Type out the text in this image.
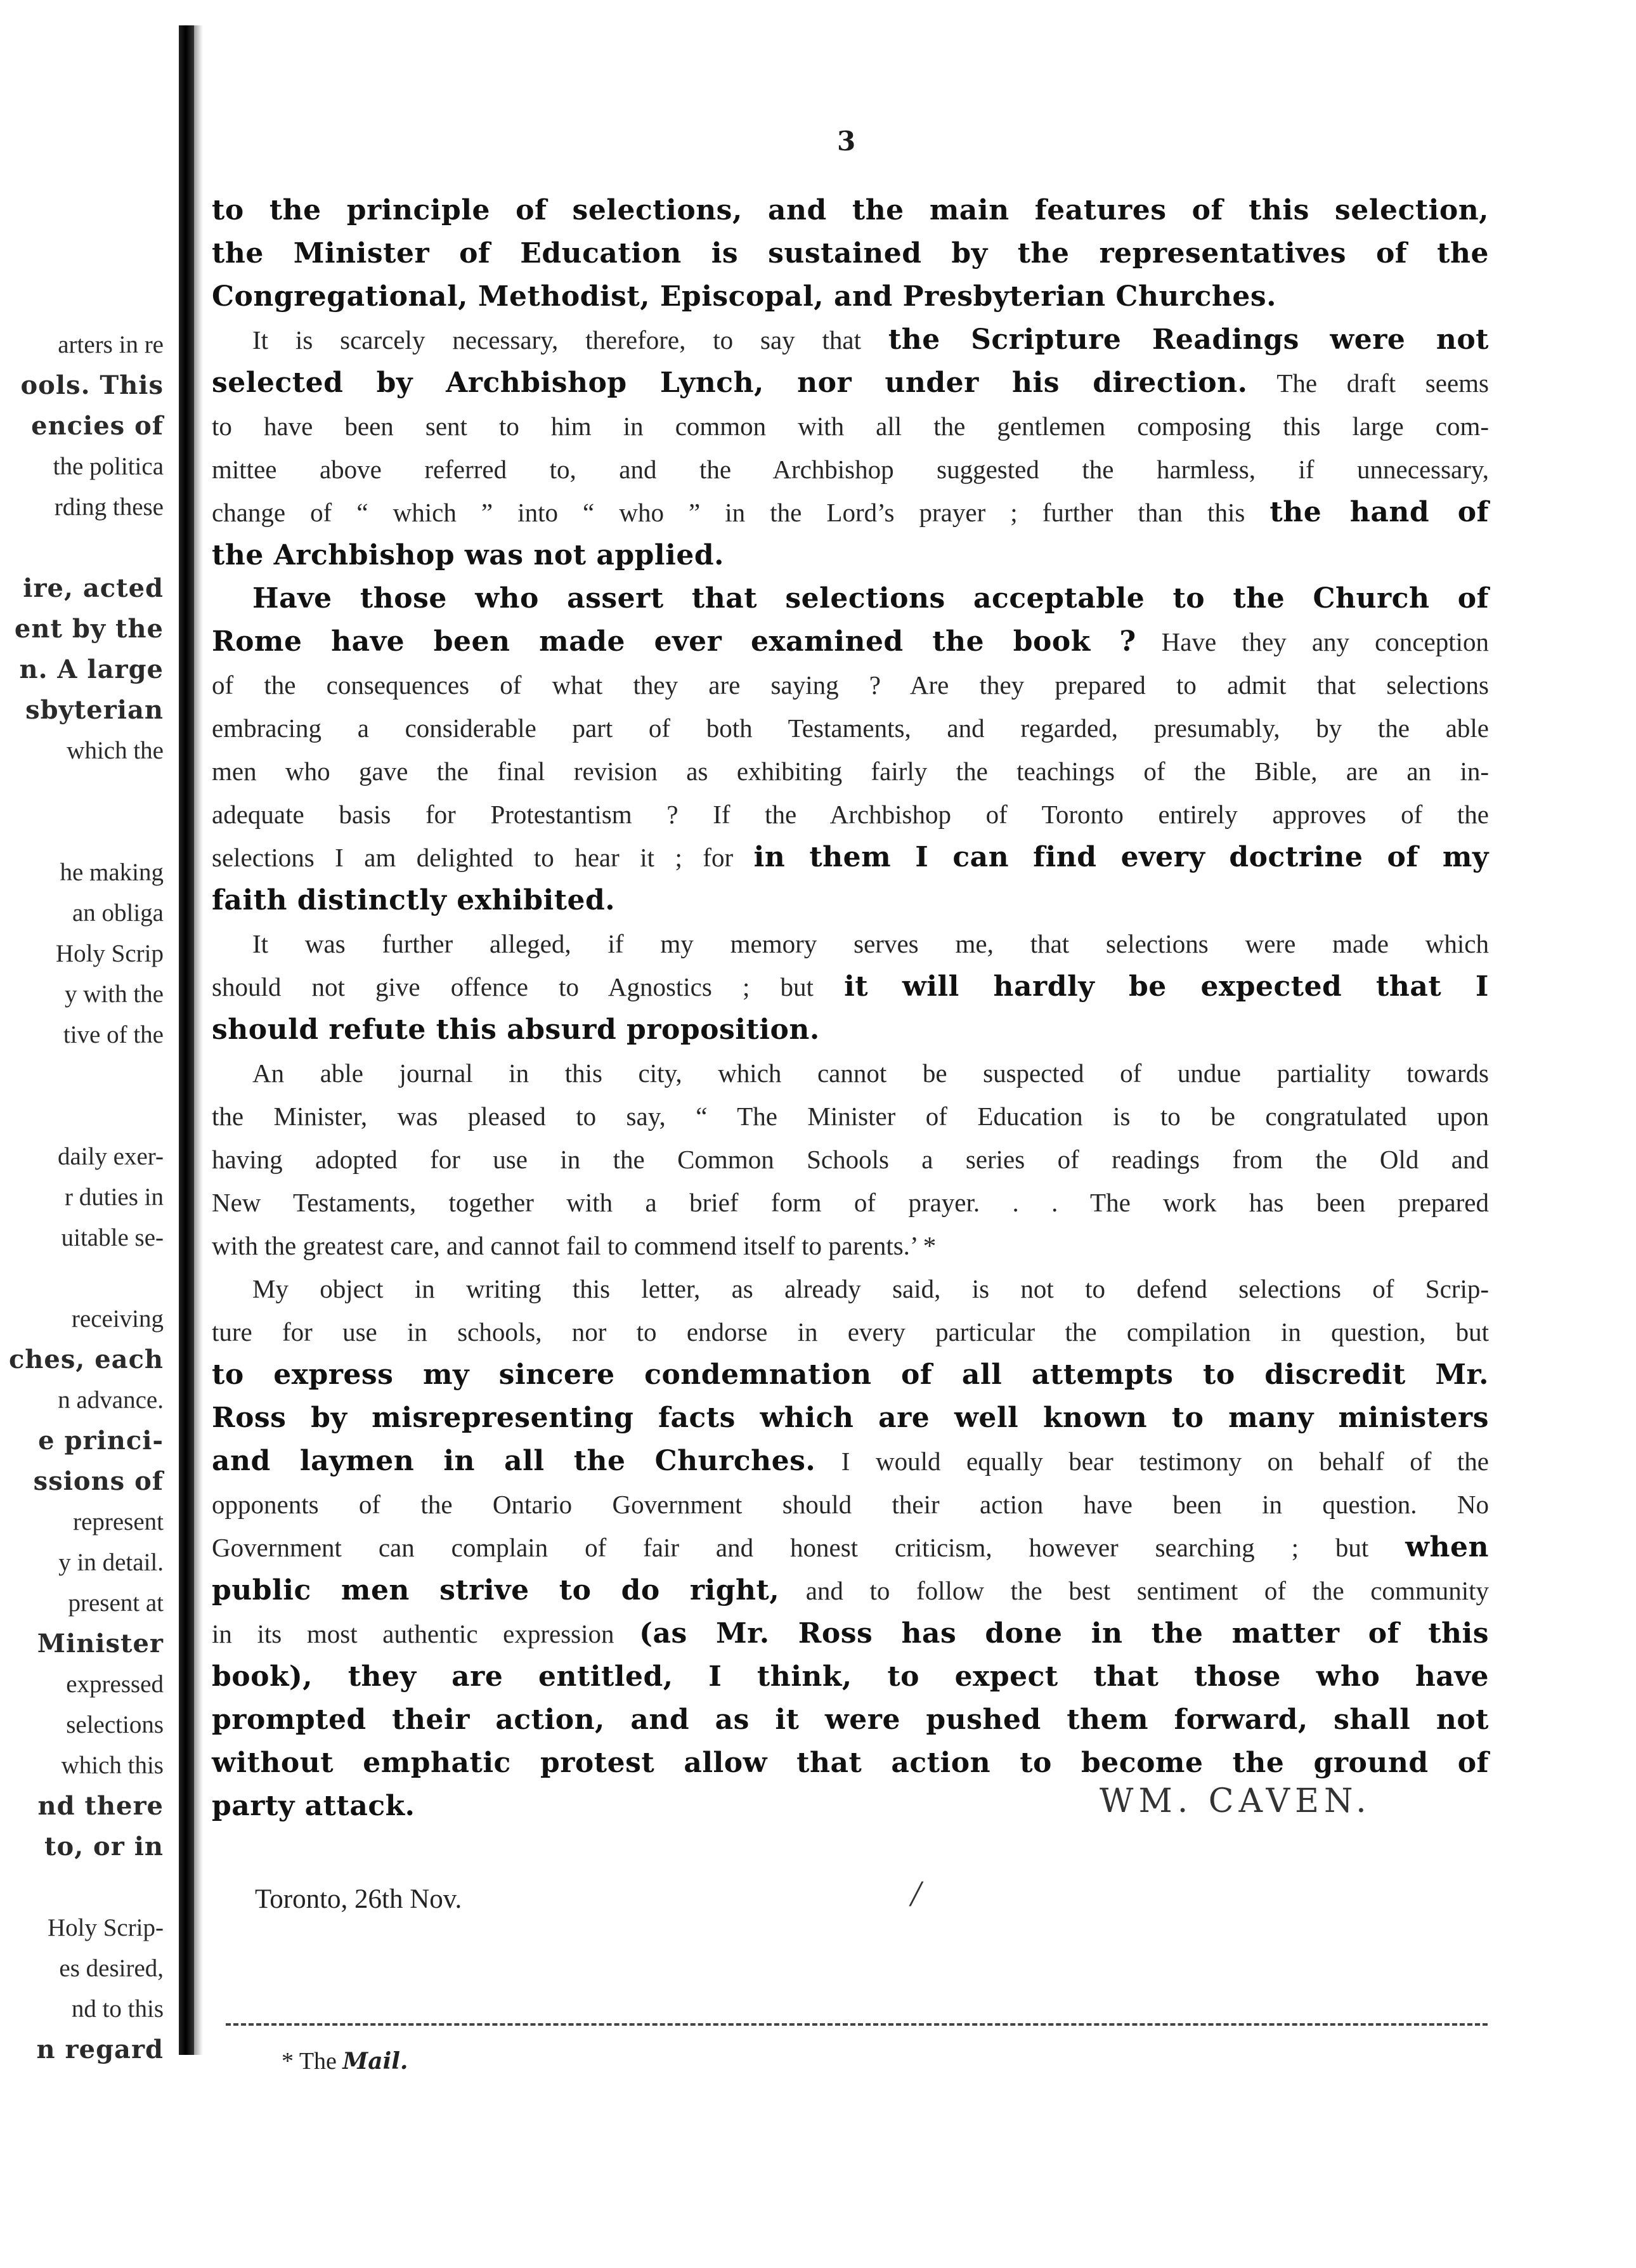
arters in re
ools. This
encies of
the politica
rding these
ire, acted
ent by the
n. A large
sbyterian
which the
he making
an obliga
Holy Scrip
y with the
tive of the
daily exer-
r duties in
uitable se-
receiving
ches, each
n advance.
e princi-
ssions of
represent
y in detail.
present at
Minister
expressed
selections
which this
nd there
to, or in
Holy Scrip-
es desired,
nd to this
n regard
3
to the principle of selections, and the main features of this selection,
the Minister of Education is sustained by the representatives of the
Congregational, Methodist, Episcopal, and Presbyterian Churches.
It is scarcely necessary, therefore, to say that the Scripture Readings were not
selected by Archbishop Lynch, nor under his direction. The draft seems
to have been sent to him in common with all the gentlemen composing this large com-
mittee above referred to, and the Archbishop suggested the harmless, if unnecessary,
change of “ which ” into “ who ” in the Lord’s prayer ; further than this the hand of
the Archbishop was not applied.
Have those who assert that selections acceptable to the Church of
Rome have been made ever examined the book ? Have they any conception
of the consequences of what they are saying ? Are they prepared to admit that selections
embracing a considerable part of both Testaments, and regarded, presumably, by the able
men who gave the final revision as exhibiting fairly the teachings of the Bible, are an in-
adequate basis for Protestantism ? If the Archbishop of Toronto entirely approves of the
selections I am delighted to hear it ; for in them I can find every doctrine of my
faith distinctly exhibited.
It was further alleged, if my memory serves me, that selections were made which
should not give offence to Agnostics ; but it will hardly be expected that I
should refute this absurd proposition.
An able journal in this city, which cannot be suspected of undue partiality towards
the Minister, was pleased to say, “ The Minister of Education is to be congratulated upon
having adopted for use in the Common Schools a series of readings from the Old and
New Testaments, together with a brief form of prayer. . . The work has been prepared
with the greatest care, and cannot fail to commend itself to parents.’ *
My object in writing this letter, as already said, is not to defend selections of Scrip-
ture for use in schools, nor to endorse in every particular the compilation in question, but
to express my sincere condemnation of all attempts to discredit Mr.
Ross by misrepresenting facts which are well known to many ministers
and laymen in all the Churches. I would equally bear testimony on behalf of the
opponents of the Ontario Government should their action have been in question. No
Government can complain of fair and honest criticism, however searching ; but when
public men strive to do right, and to follow the best sentiment of the community
in its most authentic expression (as Mr. Ross has done in the matter of this
book), they are entitled, I think, to expect that those who have
prompted their action, and as it were pushed them forward, shall not
without emphatic protest allow that action to become the ground of
party attack.	WM. CAVEN.
Toronto, 26th Nov.	/
* The Mail.
